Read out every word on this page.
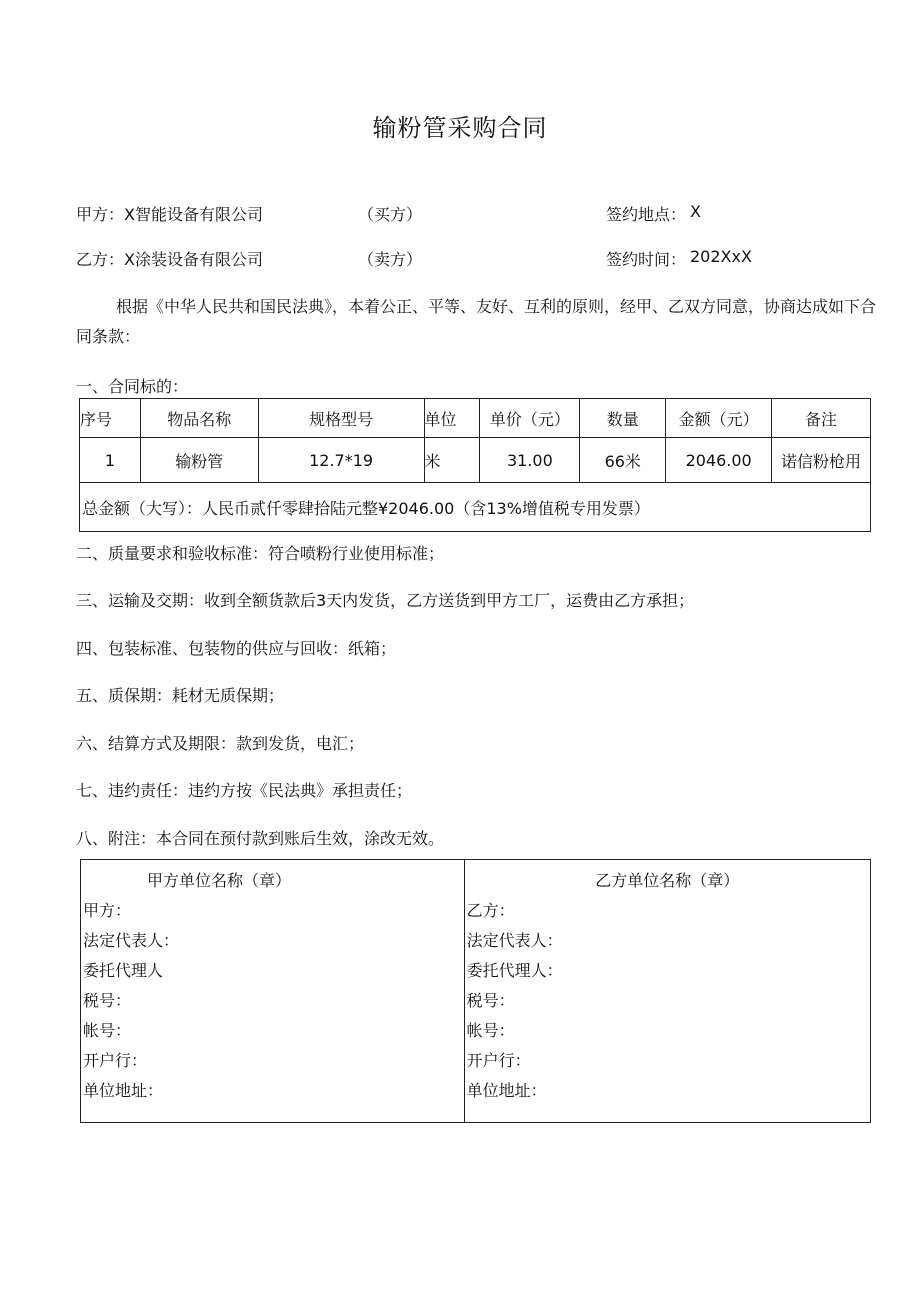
输粉管采购合同
甲方： X智能设备有限公司	（买方）	签约地点： X
乙方： X涂装设备有限公司	（卖方）	签约时间： 202XxX
根据《中华人民共和国民法典》，本着公正、平等、友好、互利的原则，经甲、乙双方同意，协商达成如下合同条款：
一、合同标的：
序号	物品名称	规格型号	单位	单价（元）	数量	金额（元）	备注
1	输粉管	12.7*19	米	31.00	66米	2046.00	诺信粉枪用
总金额（大写）：人民币贰仟零肆拾陆元整¥2046.00（含13%增值税专用发票）							
二、质量要求和验收标准：符合喷粉行业使用标准；
三、运输及交期：收到全额货款后3天内发货，乙方送货到甲方工厂，运费由乙方承担；
四、包装标准、包装物的供应与回收：纸箱；
五、质保期：耗材无质保期；
六、结算方式及期限：款到发货，电汇；
七、违约责任：违约方按《民法典》承担责任；
八、附注：本合同在预付款到账后生效，涂改无效。
甲方单位名称（章）
甲方：
法定代表人：
委托代理人
税号：
帐号：
开户行：
单位地址：

乙方单位名称（章）
乙方：
法定代表人：
委托代理人：
税号：
帐号：
开户行：
单位地址：
